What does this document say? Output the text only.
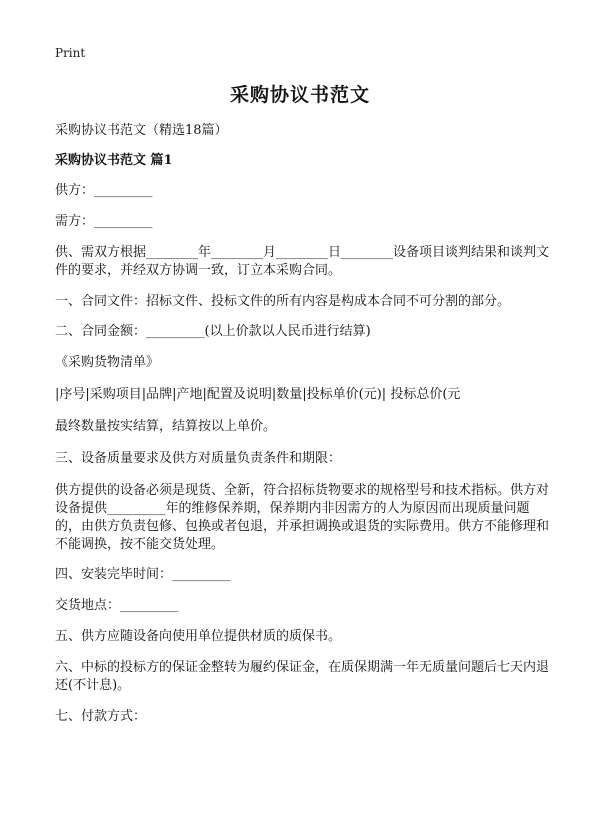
Print
采购协议书范文
采购协议书范文（精选18篇）
采购协议书范文 篇1
供方：_________
需方：_________
供、需双方根据________年________月________日________设备项目谈判结果和谈判文件的要求，并经双方协调一致，订立本采购合同。
一、合同文件：招标文件、投标文件的所有内容是构成本合同不可分割的部分。
二、合同金额：_________(以上价款以人民币进行结算)
《采购货物清单》
|序号|采购项目|品牌|产地|配置及说明|数量|投标单价(元)| 投标总价(元
最终数量按实结算，结算按以上单价。
三、设备质量要求及供方对质量负责条件和期限：
供方提供的设备必须是现货、全新，符合招标货物要求的规格型号和技术指标。供方对设备提供_________年的维修保养期，保养期内非因需方的人为原因而出现质量问题的，由供方负责包修、包换或者包退，并承担调换或退货的实际费用。供方不能修理和不能调换，按不能交货处理。
四、安装完毕时间：_________
交货地点：_________
五、供方应随设备向使用单位提供材质的质保书。
六、中标的投标方的保证金整转为履约保证金，在质保期满一年无质量问题后七天内退还(不计息)。
七、付款方式：
